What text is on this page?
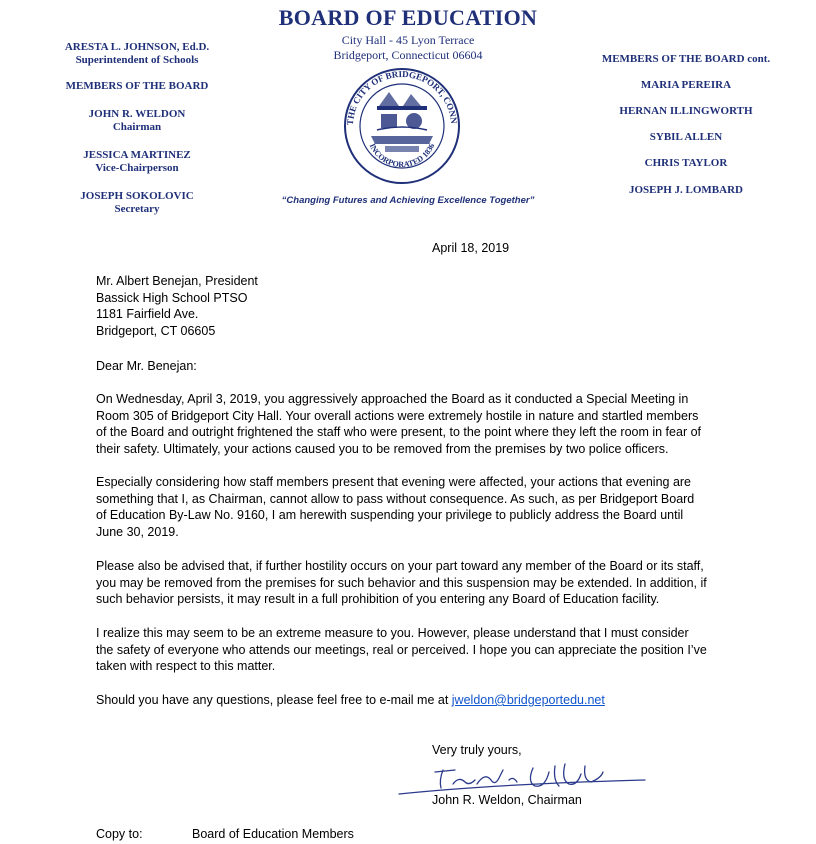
BOARD OF EDUCATION
City Hall - 45 Lyon Terrace
Bridgeport, Connecticut 06604
ARESTA L. JOHNSON, Ed.D.
Superintendent of Schools
MEMBERS OF THE BOARD
JOHN R. WELDON
Chairman
JESSICA MARTINEZ
Vice-Chairperson
JOSEPH SOKOLOVIC
Secretary
MEMBERS OF THE BOARD cont.
MARIA PEREIRA
HERNAN ILLINGWORTH
SYBIL ALLEN
CHRIS TAYLOR
JOSEPH J. LOMBARD
THE CITY OF BRIDGEPORT, CONN
INCORPORATED 1836
“Changing Futures and Achieving Excellence Together”
April 18, 2019
Mr. Albert Benejan, President
Bassick High School PTSO
1181 Fairfield Ave.
Bridgeport, CT 06605
Dear Mr. Benejan:
On Wednesday, April 3, 2019, you aggressively approached the Board as it conducted a Special Meeting in
Room 305 of Bridgeport City Hall. Your overall actions were extremely hostile in nature and startled members
of the Board and outright frightened the staff who were present, to the point where they left the room in fear of
their safety. Ultimately, your actions caused you to be removed from the premises by two police officers.
Especially considering how staff members present that evening were affected, your actions that evening are
something that I, as Chairman, cannot allow to pass without consequence. As such, as per Bridgeport Board
of Education By-Law No. 9160, I am herewith suspending your privilege to publicly address the Board until
June 30, 2019.
Please also be advised that, if further hostility occurs on your part toward any member of the Board or its staff,
you may be removed from the premises for such behavior and this suspension may be extended. In addition, if
such behavior persists, it may result in a full prohibition of you entering any Board of Education facility.
I realize this may seem to be an extreme measure to you. However, please understand that I must consider
the safety of everyone who attends our meetings, real or perceived. I hope you can appreciate the position I’ve
taken with respect to this matter.
Should you have any questions, please feel free to e-mail me at jweldon@bridgeportedu.net
Very truly yours,
John R. Weldon, Chairman
Copy to:	Board of Education Members
